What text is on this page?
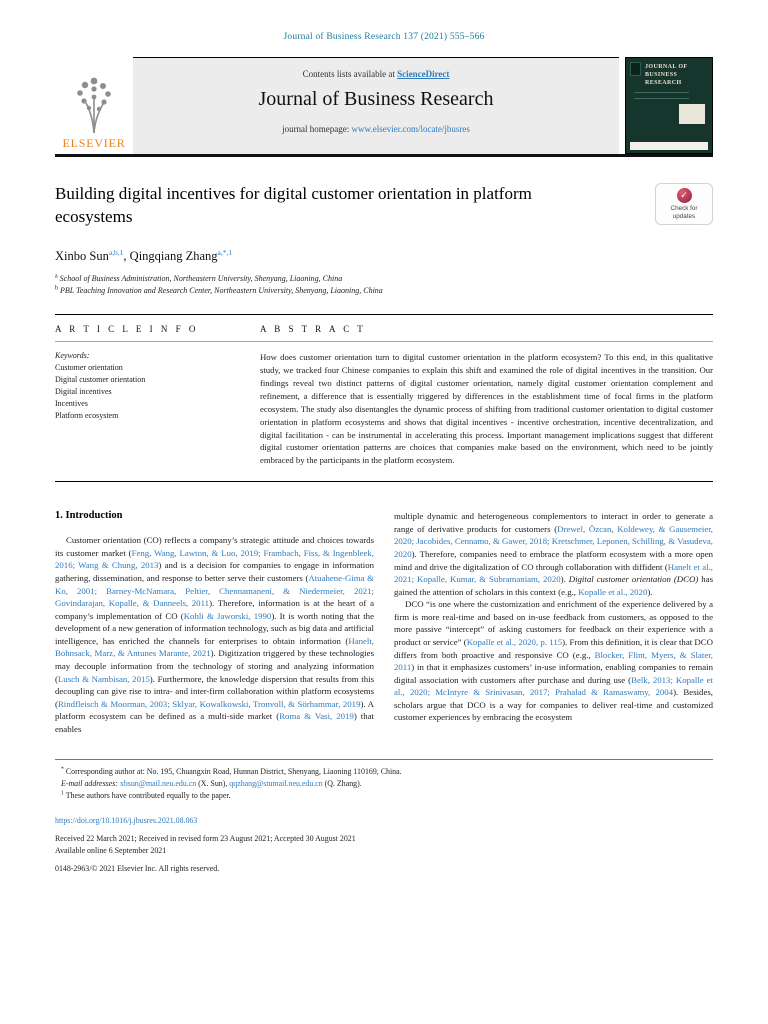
Journal of Business Research 137 (2021) 555–566
ELSEVIER
Contents lists available at ScienceDirect
Journal of Business Research
journal homepage: www.elsevier.com/locate/jbusres
JOURNAL OF BUSINESS RESEARCH
Building digital incentives for digital customer orientation in platform ecosystems
✓
Check for updates
Xinbo Sun$^{a,b,1}$, Qingqiang Zhang$^{a,*,1}$
$^a$ School of Business Administration, Northeastern University, Shenyang, Liaoning, China
$^b$ PBL Teaching Innovation and Research Center, Northeastern University, Shenyang, Liaoning, China
A R T I C L E I N F O	A B S T R A C T
Keywords:
Customer orientation
Digital customer orientation
Digital incentives
Incentives
Platform ecosystem

How does customer orientation turn to digital customer orientation in the platform ecosystem? To this end, in this qualitative study, we tracked four Chinese companies to explain this shift and examined the role of digital incentives in the transition. Our findings reveal two distinct patterns of digital customer orientation, namely digital customer orientation complement and refinement, a difference that is essentially triggered by differences in the establishment time of focal firms in the platform ecosystem. The study also disentangles the dynamic process of shifting from traditional customer orientation to digital customer orientation in platform ecosystems and shows that digital incentives - incentive orchestration, incentive decentralization, and digital facilitation - can be instrumental in accelerating this process. Important management implications suggest that different digital customer orientation patterns are choices that companies make based on the environment, which need to be jointly embraced by the participants in the platform ecosystem.

1. Introduction

Customer orientation (CO) reflects a company’s strategic attitude and choices towards its customer market (Feng, Wang, Lawton, & Luo, 2019; Frambach, Fiss, & Ingenbleek, 2016; Wang & Chung, 2013) and is a decision for companies to engage in information gathering, dissemination, and response to better serve their customers (Atuahene-Gima & Ko, 2001; Barney-McNamara, Peltier, Chennamaneni, & Niedermeier, 2021; Govindarajan, Kopalle, & Danneels, 2011). Therefore, information is at the heart of a company’s implementation of CO (Kohli & Jaworski, 1990). It is worth noting that the development of a new generation of information technology, such as big data and artificial intelligence, has enriched the channels for enterprises to obtain information (Hanelt, Bohnsack, Marz, & Antunes Marante, 2021). Digitization triggered by these technologies may decouple information from the technology of storing and analyzing information (Lusch & Nambisan, 2015). Furthermore, the knowledge dispersion that results from this decoupling can give rise to intra- and inter-firm collaboration within platform ecosystems (Rindfleisch & Moorman, 2003; Sklyar, Kowalkowski, Tronvoll, & Sörhammar, 2019). A platform ecosystem can be defined as a multi-side market (Roma & Vasi, 2019) that enables

multiple dynamic and heterogeneous complementors to interact in order to generate a range of derivative products for customers (Drewel, Özcan, Koldewey, & Gausemeier, 2020; Jacobides, Cennamo, & Gawer, 2018; Kretschmer, Leponen, Schilling, & Vasudeva, 2020). Therefore, companies need to embrace the platform ecosystem with a more open mind and drive the digitalization of CO through collaboration with diffident (Hanelt et al., 2021; Kopalle, Kumar, & Subramaniam, 2020). Digital customer orientation (DCO) has gained the attention of scholars in this context (e.g., Kopalle et al., 2020).

DCO “is one where the customization and enrichment of the experience delivered by a firm is more real-time and based on in-use feedback from customers, as opposed to the more passive “intercept” of asking customers for feedback on their experience with a product or service” (Kopalle et al., 2020, p. 115). From this definition, it is clear that DCO differs from both proactive and responsive CO (e.g., Blocker, Flint, Myers, & Slater, 2011) in that it emphasizes customers’ in-use information, enabling companies to remain digital association with customers after purchase and during use (Belk, 2013; Kopalle et al., 2020; McIntyre & Srinivasan, 2017; Prahalad & Ramaswamy, 2004). Besides, scholars argue that DCO is a way for companies to deliver real-time and customized customer experiences by embracing the ecosystem

* Corresponding author at: No. 195, Chuangxin Road, Hunnan District, Shenyang, Liaoning 110169, China.

E-mail addresses: xbsun@mail.neu.edu.cn (X. Sun), qqzhang@stumail.neu.edu.cn (Q. Zhang).

$^1$ These authors have contributed equally to the paper.

https://doi.org/10.1016/j.jbusres.2021.08.063
Received 22 March 2021; Received in revised form 23 August 2021; Accepted 30 August 2021
Available online 6 September 2021
0148-2963/© 2021 Elsevier Inc. All rights reserved.
